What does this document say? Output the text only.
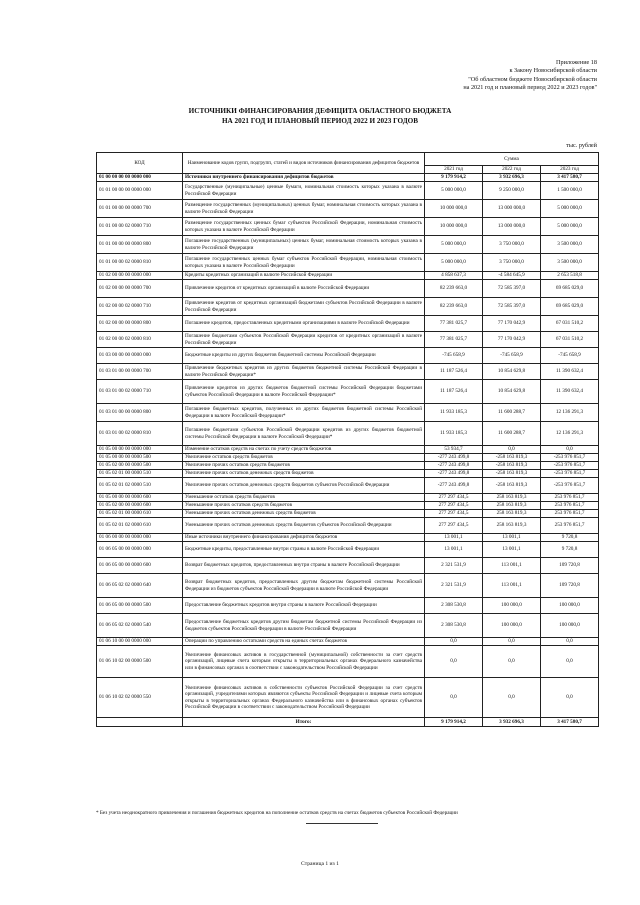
Приложение 18
к Закону Новосибирской области
"Об областном бюджете Новосибирской области
на 2021 год и плановый период 2022 и 2023 годов"
ИСТОЧНИКИ ФИНАНСИРОВАНИЯ ДЕФИЦИТА ОБЛАСТНОГО БЮДЖЕТА
НА 2021 ГОД И ПЛАНОВЫЙ ПЕРИОД 2022 И 2023 ГОДОВ
тыс. рублей
КОД	Наименование кодов групп, подгрупп, статей и видов источников финансирования дефицитов бюджетов	Сумма		
		2021 год	2022 год	2023 год
01 00 00 00 00 0000 000	Источники внутреннего финансирования дефицитов бюджетов	9 179 914,2	3 932 696,3	3 417 580,7
01 01 00 00 00 0000 000	Государственные (муниципальные) ценные бумаги, номинальная стоимость которых указана в валюте Российской Федерации	5 000 000,0	9 250 000,0	1 500 000,0
01 01 00 00 00 0000 700	Размещение государственных (муниципальных) ценных бумаг, номинальная стоимость которых указана в валюте Российской Федерации	10 000 000,0	13 000 000,0	5 000 000,0
01 01 00 00 02 0000 710	Размещение государственных ценных бумаг субъектов Российской Федерации, номинальная стоимость которых указана в валюте Российской Федерации	10 000 000,0	13 000 000,0	5 000 000,0
01 01 00 00 00 0000 800	Погашение государственных (муниципальных) ценных бумаг, номинальная стоимость которых указана в валюте Российской Федерации	5 000 000,0	3 750 000,0	3 500 000,0
01 01 00 00 02 0000 810	Погашение государственных ценных бумаг субъектов Российской Федерации, номинальная стоимость которых указана в валюте Российской Федерации	5 000 000,0	3 750 000,0	3 500 000,0
01 02 00 00 00 0000 000	Кредиты кредитных организаций в валюте Российской Федерации	4 858 637,3	-4 584 645,9	2 653 518,8
01 02 00 00 00 0000 700	Привлечение кредитов от кредитных организаций в валюте Российской Федерации	82 239 663,0	72 585 397,0	69 685 029,0
01 02 00 00 02 0000 710	Привлечение кредитов от кредитных организаций бюджетами субъектов Российской Федерации в валюте Российской Федерации	82 239 663,0	72 585 397,0	69 685 029,0
01 02 00 00 00 0000 800	Погашение кредитов, предоставленных кредитными организациями в валюте Российской Федерации	77 381 025,7	77 170 042,9	67 031 510,2
01 02 00 00 02 0000 810	Погашение бюджетами субъектов Российской Федерации кредитов от кредитных организаций в валюте Российской Федерации	77 381 025,7	77 170 042,9	67 031 510,2
01 03 00 00 00 0000 000	Бюджетные кредиты из других бюджетов бюджетной системы Российской Федерации	-745 658,9	-745 658,9	-745 658,9
01 03 01 00 00 0000 700	Привлечение бюджетных кредитов из других бюджетов бюджетной системы Российской Федерации в валюте Российской Федерации*	11 187 526,4	10 854 629,8	11 390 632,4
01 03 01 00 02 0000 710	Привлечение кредитов из других бюджетов бюджетной системы Российской Федерации бюджетами субъектов Российской Федерации в валюте Российской Федерации*	11 187 526,4	10 854 629,8	11 390 632,4
01 03 01 00 00 0000 800	Погашение бюджетных кредитов, полученных из других бюджетов бюджетной системы Российской Федерации в валюте Российской Федерации*	11 933 185,3	11 600 288,7	12 136 291,3
01 03 01 00 02 0000 810	Погашение бюджетами субъектов Российской Федерации кредитов из других бюджетов бюджетной системы Российской Федерации в валюте Российской Федерации*	11 933 185,3	11 600 288,7	12 136 291,3
01 05 00 00 00 0000 000	Изменение остатков средств на счетах по учету средств бюджетов	53 934,7	0,0	0,0
01 05 00 00 00 0000 500	Увеличение остатков средств бюджетов	-277 243 499,8	-258 163 819,3	-253 976 851,7
01 05 02 00 00 0000 500	Увеличение прочих остатков средств бюджетов	-277 243 499,8	-258 163 819,3	-253 976 851,7
01 05 02 01 00 0000 510	Увеличение прочих остатков денежных средств бюджетов	-277 243 499,8	-258 163 819,3	-253 976 851,7
01 05 02 01 02 0000 510	Увеличение прочих остатков денежных средств бюджетов субъектов Российской Федерации	-277 243 499,8	-258 163 819,3	-253 976 851,7
01 05 00 00 00 0000 600	Уменьшение остатков средств бюджетов	277 297 434,5	258 163 819,3	253 976 851,7
01 05 02 00 00 0000 600	Уменьшение прочих остатков средств бюджетов	277 297 434,5	258 163 819,3	253 976 851,7
01 05 02 01 00 0000 610	Уменьшение прочих остатков денежных средств бюджетов	277 297 434,5	258 163 819,3	253 976 851,7
01 05 02 01 02 0000 610	Уменьшение прочих остатков денежных средств бюджетов субъектов Российской Федерации	277 297 434,5	258 163 819,3	253 976 851,7
01 06 00 00 00 0000 000	Иные источники внутреннего финансирования дефицитов бюджетов	13 001,1	13 001,1	9 720,8
01 06 05 00 00 0000 000	Бюджетные кредиты, предоставленные внутри страны в валюте Российской Федерации	13 001,1	13 001,1	9 720,8
01 06 05 00 00 0000 600	Возврат бюджетных кредитов, предоставленных внутри страны в валюте Российской Федерации	2 321 531,9	113 001,1	109 720,8
01 06 05 02 02 0000 640	Возврат бюджетных кредитов, предоставленных другим бюджетам бюджетной системы Российской Федерации из бюджетов субъектов Российской Федерации в валюте Российской Федерации	2 321 531,9	113 001,1	109 720,8
01 06 05 00 00 0000 500	Предоставление бюджетных кредитов внутри страны в валюте Российской Федерации	2 308 530,8	100 000,0	100 000,0
01 06 05 02 02 0000 540	Предоставление бюджетных кредитов другим бюджетам бюджетной системы Российской Федерации из бюджетов субъектов Российской Федерации в валюте Российской Федерации	2 308 530,8	100 000,0	100 000,0
01 06 10 00 00 0000 000	Операции по управлению остатками средств на единых счетах бюджетов	0,0	0,0	0,0
01 06 10 02 00 0000 500	Увеличение финансовых активов в государственной (муниципальной) собственности за счет средств организаций, лицевые счета которым открыты в территориальных органах Федерального казначейства или в финансовых органах в соответствии с законодательством Российской Федерации	0,0	0,0	0,0
01 06 10 02 02 0000 550	Увеличение финансовых активов в собственности субъектов Российской Федерации за счет средств организаций, учредителями которых являются субъекты Российской Федерации и лицевые счета которым открыты в территориальных органах Федерального казначейства или в финансовых органах субъектов Российской Федерации в соответствии с законодательством Российской Федерации	0,0	0,0	0,0
	Итого:	9 179 914,2	3 932 696,3	3 417 580,7
* Без учета неоднократного привлечения и погашения бюджетных кредитов на пополнение остатков средств на счетах бюджетов субъектов Российской Федерации
Страница 1 из 1
